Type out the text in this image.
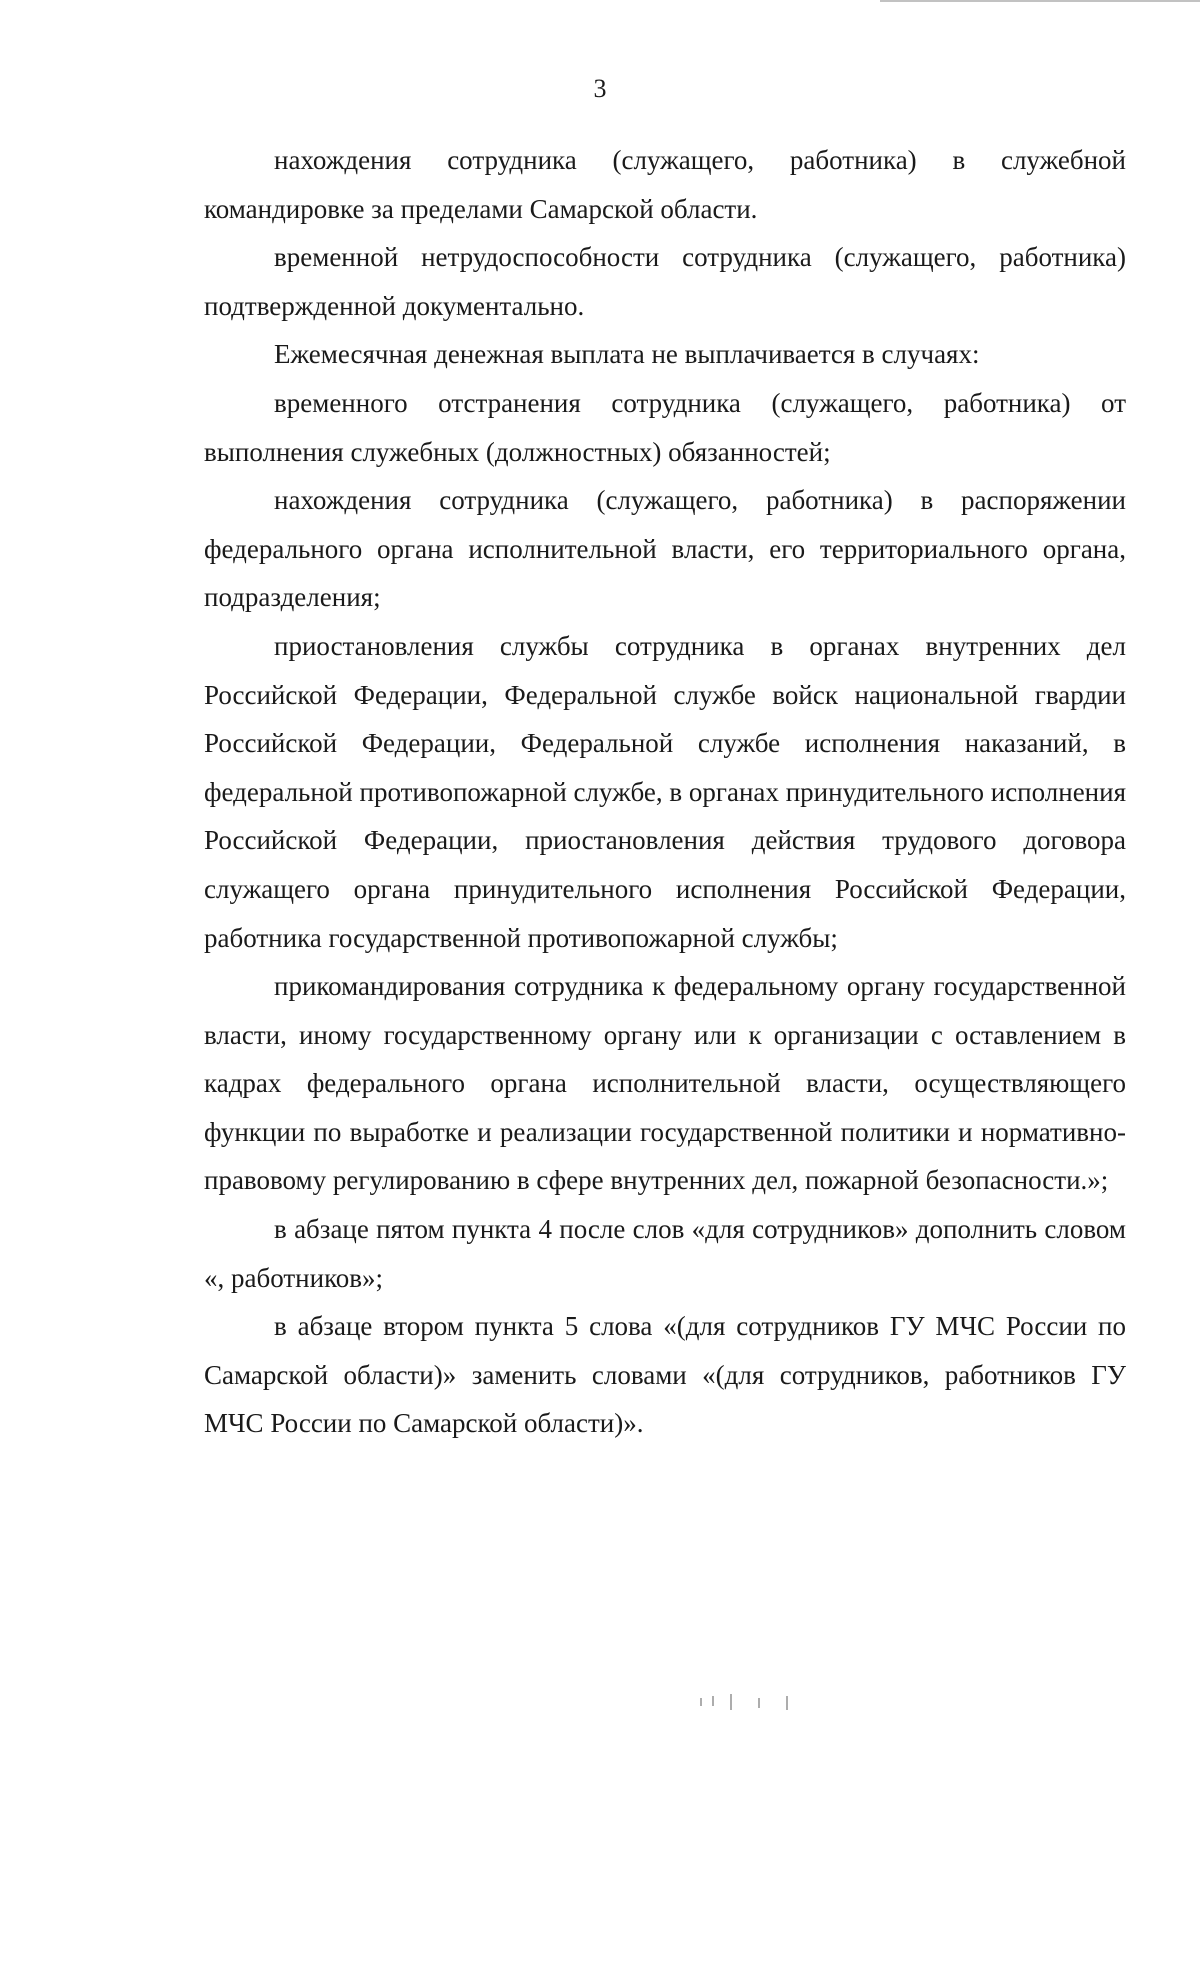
3

нахождения сотрудника (служащего, работника) в служебной командировке за пределами Самарской области.

временной нетрудоспособности сотрудника (служащего, работника) подтвержденной документально.

Ежемесячная денежная выплата не выплачивается в случаях:

временного отстранения сотрудника (служащего, работника) от выполнения служебных (должностных) обязанностей;

нахождения сотрудника (служащего, работника) в распоряжении федерального органа исполнительной власти, его территориального органа, подразделения;

приостановления службы сотрудника в органах внутренних дел Российской Федерации, Федеральной службе войск национальной гвардии Российской Федерации, Федеральной службе исполнения наказаний, в федеральной противопожарной службе, в органах принудительного исполнения Российской Федерации, приостановления действия трудового договора служащего органа принудительного исполнения Российской Федерации, работника государственной противопожарной службы;

прикомандирования сотрудника к федеральному органу государственной власти, иному государственному органу или к организации с оставлением в кадрах федерального органа исполнительной власти, осуществляющего функции по выработке и реализации государственной политики и нормативно-правовому регулированию в сфере внутренних дел, пожарной безопасности.»;

в абзаце пятом пункта 4 после слов «для сотрудников» дополнить словом «, работников»;

в абзаце втором пункта 5 слова «(для сотрудников ГУ МЧС России по Самарской области)» заменить словами «(для сотрудников, работников ГУ МЧС России по Самарской области)».
